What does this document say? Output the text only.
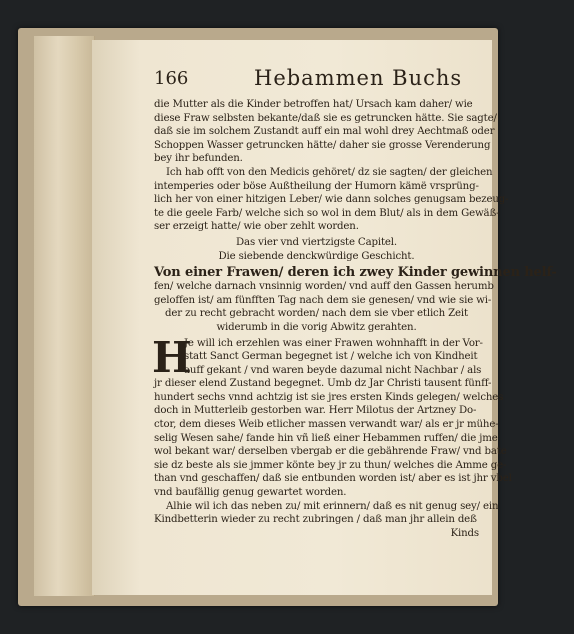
166	Hebammen Buchs
die Mutter als die Kinder betroffen hat/ Ursach kam daher/ wie
diese Fraw selbsten bekante/daß sie es getruncken hätte. Sie sagte/
daß sie im solchem Zustandt auff ein mal wohl drey Aechtmaß oder
Schoppen Wasser getruncken hätte/ daher sie grosse Verenderung
bey ihr befunden.
Ich hab offt von den Medicis gehöret/ dz sie sagten/ der gleichen
intemperies oder böse Außtheilung der Humorn kämë vrsprüng-
lich her von einer hitzigen Leber/ wie dann solches genugsam bezeug-
te die geele Farb/ welche sich so wol in dem Blut/ als in dem Gewäß-
ser erzeigt hatte/ wie ober zehlt worden.
Das vier vnd viertzigste Capitel.
Die siebende denckwürdige Geschicht.
Von einer Frawen/ deren ich zwey Kinder gewinnen helf-
fen/ welche darnach vnsinnig worden/ vnd auff den Gassen herumb
geloffen ist/ am fünfften Tag nach dem sie genesen/ vnd wie sie wi-
der zu recht gebracht worden/ nach dem sie vber etlich Zeit
widerumb in die vorig Abwitz gerahten.
H
Je will ich erzehlen was einer Frawen wohnhafft in der Vor-
statt Sanct German begegnet ist / welche ich von Kindheit
auff gekant / vnd waren beyde dazumal nicht Nachbar / als
jr dieser elend Zustand begegnet. Umb dz Jar Christi tausent fünff-
hundert sechs vnnd achtzig ist sie jres ersten Kinds gelegen/ welches
doch in Mutterleib gestorben war. Herr Milotus der Artzney Do-
ctor, dem dieses Weib etlicher massen verwandt war/ als er jr mühe-
selig Wesen sahe/ fande hin vñ ließ einer Hebammen ruffen/ die jme
wol bekant war/ derselben vbergab er die gebährende Fraw/ vnd bate
sie dz beste als sie jmmer könte bey jr zu thun/ welches die Amme ge-
than vnd geschaffen/ daß sie entbunden worden ist/ aber es ist jhr vbel
vnd baufällig genug gewartet worden.
Alhie wil ich das neben zu/ mit erinnern/ daß es nit genug sey/ ein
Kindbetterin wieder zu recht zubringen / daß man jhr allein deß
Kinds
